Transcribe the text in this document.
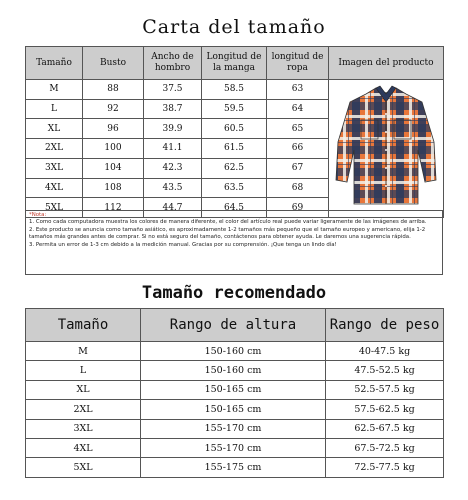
Carta del tamaño
Tamaño	Busto	Ancho de hombro	Longitud de la manga	longitud de ropa	Imagen del producto
M	88	37.5	58.5	63	
L	92	38.7	59.5	64	
XL	96	39.9	60.5	65	
2XL	100	41.1	61.5	66	
3XL	104	42.3	62.5	67	
4XL	108	43.5	63.5	68	
5XL	112	44.7	64.5	69	
*Nota:
1. Como cada computadora muestra los colores de manera diferente, el color del artículo real puede variar ligeramente de las imágenes de arriba.
2. Este producto se anuncia como tamaño asiático, es aproximadamente 1-2 tamaños más pequeño que el tamaño europeo y americano, elija 1-2 tamaños más grandes antes de comprar. Si no está seguro del tamaño, contáctenos para obtener ayuda. Le daremos una sugerencia rápida.
3. Permita un error de 1-3 cm debido a la medición manual. Gracias por su comprensión. ¡Que tenga un lindo día!
Tamaño recomendado
Tamaño	Rango de altura	Rango de peso
M	150-160 cm	40-47.5 kg
L	150-160 cm	47.5-52.5 kg
XL	150-165 cm	52.5-57.5 kg
2XL	150-165 cm	57.5-62.5 kg
3XL	155-170 cm	62.5-67.5 kg
4XL	155-170 cm	67.5-72.5 kg
5XL	155-175 cm	72.5-77.5 kg
